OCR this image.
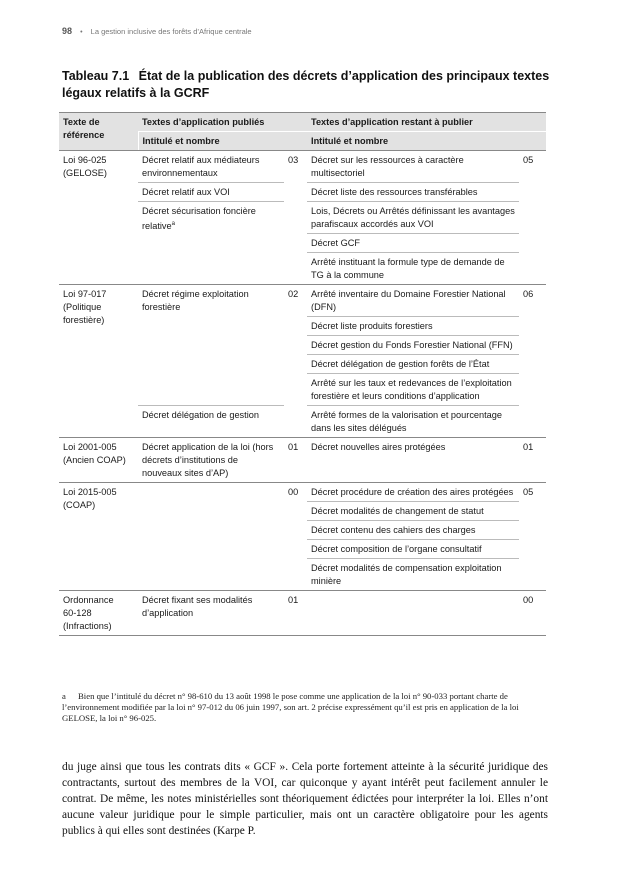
98 • La gestion inclusive des forêts d’Afrique centrale
Tableau 7.1 État de la publication des décrets d’application des principaux textes légaux relatifs à la GCRF
Texte de référence	Textes d’application publiés		Textes d’application restant à publier	
	Intitulé et nombre		Intitulé et nombre	
Loi 96-025
(GELOSE)	Décret relatif aux médiateurs environnementaux	03	Décret sur les ressources à caractère multisectoriel	05
	Décret relatif aux VOI		Décret liste des ressources transférables	
	Décret sécurisation foncière relative$^a$		Lois, Décrets ou Arrêtés définissant les avantages parafiscaux accordés aux VOI	
			Décret GCF	
			Arrêté instituant la formule type de demande de TG à la commune	
Loi 97-017
(Politique
forestière)	Décret régime exploitation forestière	02	Arrêté inventaire du Domaine Forestier National (DFN)	06
			Décret liste produits forestiers	
			Décret gestion du Fonds Forestier National (FFN)	
			Décret délégation de gestion forêts de l’État	
			Arrêté sur les taux et redevances de l’exploitation forestière et leurs conditions d’application	
	Décret délégation de gestion		Arrêté formes de la valorisation et pourcentage dans les sites délégués	
Loi 2001-005
(Ancien COAP)	Décret application de la loi (hors décrets d’institutions de nouveaux sites d’AP)	01	Décret nouvelles aires protégées	01
Loi 2015-005
(COAP)		00	Décret procédure de création des aires protégées	05
			Décret modalités de changement de statut	
			Décret contenu des cahiers des charges	
			Décret composition de l’organe consultatif	
			Décret modalités de compensation exploitation minière	
Ordonnance
60-128
(Infractions)	Décret fixant ses modalités d’application	01		00
a Bien que l’intitulé du décret n° 98-610 du 13 août 1998 le pose comme une application de la loi n° 90-033 portant charte de l’environnement modifiée par la loi n° 97-012 du 06 juin 1997, son art. 2 précise expressément qu’il est pris en application de la loi GELOSE, la loi n° 96-025.
du juge ainsi que tous les contrats dits « GCF ». Cela porte fortement atteinte à la sécurité juridique des contractants, surtout des membres de la VOI, car quiconque y ayant intérêt peut facilement annuler le contrat. De même, les notes ministérielles sont théoriquement édictées pour interpréter la loi. Elles n’ont aucune valeur juridique pour le simple particulier, mais ont un caractère obligatoire pour les agents publics à qui elles sont destinées (Karpe P.
